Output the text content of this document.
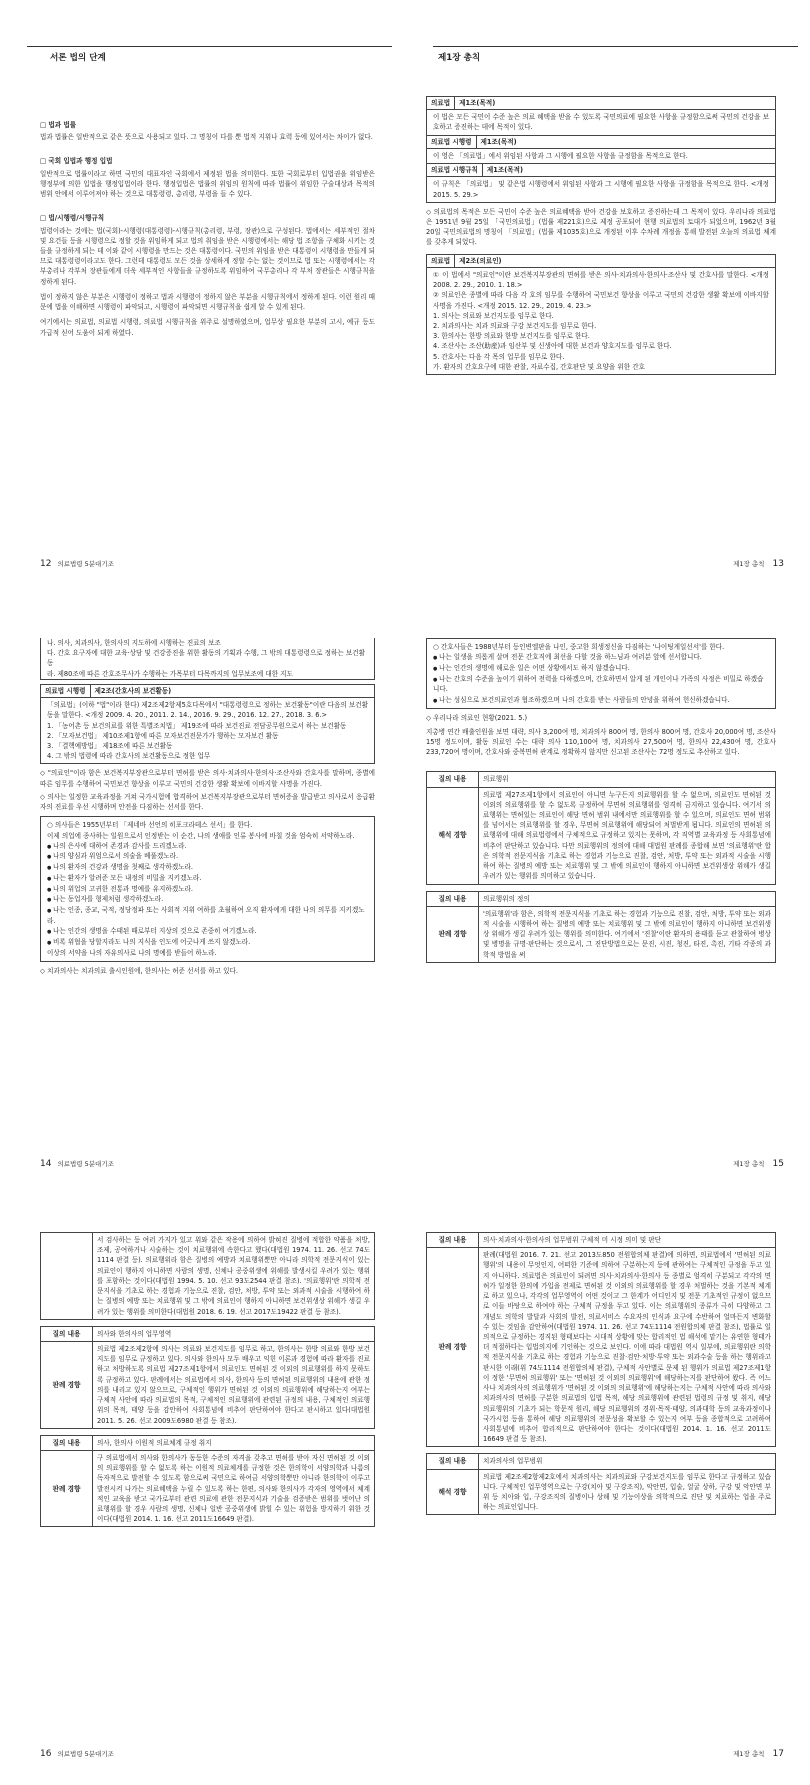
서론 법의 단계
□ 법과 법률
법과 법률은 일반적으로 같은 뜻으로 사용되고 있다. 그 명칭이 다를 뿐 법적 지위나 효력 등에 있어서는 차이가 없다.
□ 국회 입법과 행정 입법
일반적으로 법률이라고 하면 국민의 대표자인 국회에서 제정된 법을 의미한다. 또한 국회로부터 입법권을 위임받은 행정부에 의한 입법을 행정입법이라 한다. 행정입법은 법률의 위임의 원칙에 따라 법률이 위임한 구술대상과 목적의 범위 안에서 이루어져야 하는 것으로 대통령령, 총리령, 부령을 들 수 있다.
□ 법/시행령/시행규칙
법령이라는 것에는 법(국회)-시행령(대통령령)-시행규칙(총리령, 부령, 장관)으로 구성된다. 법에서는 세부적인 절차 및 요건들 등을 시행령으로 정할 것을 위임하게 되고 법의 취임을 받은 시행령에서는 해당 법 조항을 구체화 시키는 것들을 규정하게 되는 데 이와 같이 시행령을 만드는 것은 대통령이다. 국민의 위임을 받은 대통령이 시행령을 만들게 되므로 대통령령이라고도 한다. 그런데 대통령도 모든 것을 상세하게 정할 수는 없는 것이므로 법 또는 시행령에서는 각부총리나 각부처 장관들에게 더욱 세부적인 사항들을 규정하도록 위임하여 국무총리나 각 부처 장관들은 시행규칙을 정하게 된다.
법이 정하지 않은 부분은 시행령이 정하고 법과 시행령이 정하지 않은 부분을 시행규칙에서 정하게 된다. 이런 원리 때문에 법을 이해하면 시행령이 파악되고, 시행령이 파악되면 시행규칙을 쉽게 알 수 있게 된다.
여기에서는 의료법, 의료법 시행령, 의료법 시행규칙을 위주로 설명하였으며, 업무상 필요한 부분의 고시, 예규 등도 가급적 싣어 도움이 되게 하였다.
12 의료법령 5분대기조
제1장 총칙
의료법	제1조(목적)
이 법은 모든 국민이 수준 높은 의료 혜택을 받을 수 있도록 국민의료에 필요한 사항을 규정함으로써 국민의 건강을 보호하고 증진하는 데에 목적이 있다.
의료법 시행령	제1조(목적)
이 영은 「의료법」에서 위임된 사항과 그 시행에 필요한 사항을 규정함을 목적으로 한다.
의료법 시행규칙	제1조(목적)
이 규칙은 「의료법」 및 같은법 시행령에서 위임된 사항과 그 시행에 필요한 사항을 규정함을 목적으로 한다. <개정 2015. 5. 29.>
◇ 의료법의 목적은 모든 국민이 수준 높은 의료혜택을 받아 건강을 보호하고 증진하는데 그 목적이 있다. 우리나라 의료법은 1951년 9월 25일 「국민의료법」(법률 제221호)으로 제정 공포되어 현행 의료법의 토대가 되었으며, 1962년 3월 20일 국민의료법의 명칭이 「의료법」(법률 제1035호)으로 개정된 이후 수차례 개정을 통해 발전된 오늘의 의료법 체계를 갖추게 되었다.
의료법	제2조(의료인)
① 이 법에서 "의료인"이란 보건복지부장관의 면허를 받은 의사·치과의사·한의사·조산사 및 간호사를 말한다. <개정 2008. 2. 29., 2010. 1. 18.>
② 의료인은 종별에 따라 다음 각 호의 임무를 수행하여 국민보건 향상을 이루고 국민의 건강한 생활 확보에 이바지할 사명을 가진다. <개정 2015. 12. 29., 2019. 4. 23.>
1. 의사는 의료와 보건지도를 임무로 한다.
2. 치과의사는 치과 의료와 구강 보건지도를 임무로 한다.
3. 한의사는 한방 의료와 한방 보건지도를 임무로 한다.
4. 조산사는 조산(助産)과 임산부 및 신생아에 대한 보건과 양호지도를 임무로 한다.
5. 간호사는 다음 각 목의 업무를 임무로 한다.
가. 환자의 간호요구에 대한 관찰, 자료수집, 간호판단 및 요양을 위한 간호
제1장 총칙 13
나. 의사, 치과의사, 한의사의 지도하에 시행하는 진료의 보조
다. 간호 요구자에 대한 교육·상담 및 건강증진을 위한 활동의 기획과 수행, 그 밖의 대통령령으로 정하는 보건활동
라. 제80조에 따른 간호조무사가 수행하는 가목부터 다목까지의 업무보조에 대한 지도
의료법 시행령	제2조(간호사의 보건활동)
「의료법」(이하 "법"이라 한다) 제2조제2항제5호다목에서 "대통령령으로 정하는 보건활동"이란 다음의 보건활동을 말한다. <개정 2009. 4. 20., 2011. 2. 14., 2016. 9. 29., 2016. 12. 27., 2018. 3. 6.>
1. 「농어촌 등 보건의료를 위한 특별조치법」 제19조에 따라 보건진료 전담공무원으로서 하는 보건활동
2. 「모자보건법」 제10조제1항에 따른 모자보건전문가가 행하는 모자보건 활동
3. 「결핵예방법」 제18조에 따른 보건활동
4. 그 밖의 법령에 따라 간호사의 보건활동으로 정한 업무
◇ "의료인"이라 함은 보건복지부장관으로부터 면허를 받은 의사·치과의사·한의사·조산사와 간호사를 말하며, 종별에 따른 임무를 수행하여 국민보건 향상을 이루고 국민의 건강한 생활 확보에 이바지할 사명을 가진다.
◇ 의사는 일정한 교육과정을 거쳐 국가시험에 합격하여 보건복지부장관으로부터 면허증을 발급받고 의사로서 응급환자의 진료를 우선 시행하며 안전을 다짐하는 선서를 한다.
○ 의사들은 1955년부터 「제네바 선언의 히포크라테스 선서」를 한다.
이제 의업에 종사하는 일원으로서 인정받는 이 순간, 나의 생애를 인류 봉사에 바칠 것을 엄숙히 서약하노라.
● 나의 은사에 대하여 존경과 감사를 드리겠노라.
● 나의 양심과 위엄으로서 의술을 베풀겠노라.
● 나의 환자의 건강과 생명을 첫째로 생각하겠노라.
● 나는 환자가 알려준 모든 내정의 비밀을 지키겠노라.
● 나의 위업의 고귀한 전통과 명예를 유지하겠노라.
● 나는 동업자를 형제처럼 생각하겠노라.
● 나는 인종, 종교, 국적, 정당정파 또는 사회적 지위 여하를 초월하여 오직 환자에게 대한 나의 의무를 지키겠노라.
● 나는 인간의 생명을 수태된 때로부터 지상의 것으로 존중히 여기겠노라.
● 비록 위협을 당할지라도 나의 지식을 인도에 어긋나게 쓰지 않겠노라.
이상의 서약을 나의 자유의사로 나의 명예를 받들어 하노라.
◇ 치과의사는 치과의료 출시인원에, 한의사는 허준 선서를 하고 있다.
14 의료법령 5분대기조
○ 간호사들은 1988년부터 등인변엘판을 나인, 중고한 희생정신을 다짐하는 '나이팅게일선서'를 한다.
● 나는 일생을 의롭게 살며 전문 간호직에 최선을 다할 것을 하느님과 여러분 앞에 선서합니다.
● 나는 인간의 생명에 해로운 일은 어떤 상황에서도 하지 않겠습니다.
● 나는 간호의 수준을 높이기 위하여 전력을 다하겠으며, 간호하면서 알게 된 개인이나 가족의 사정은 비밀로 하겠습니다.
● 나는 성심으로 보건의료인과 협조하겠으며 나의 간호를 받는 사람들의 안녕을 위하여 헌신하겠습니다.
◇ 우리나라 의료인 현황(2021. 5.)
지총병 연간 배출인원을 보면 대략, 의사 3,200여 명, 치과의사 800여 명, 한의사 800여 명, 간호사 20,000여 명, 조산사 15명 정도이며, 활동 의료인 수는 대략 의사 110,100여 명, 치과의사 27,500여 명, 한의사 22,430여 명, 간호사 233,720여 명이며, 간호사와 중복면허 관계로 정확하지 않지만 신고된 조산사는 72명 정도로 추산하고 있다.
질의 내용	의료행위
해석 경향
의료법 제27조제1항에서 의료인이 아니면 누구든지 의료행위를 할 수 없으며, 의료인도 면허된 것 이외의 의료행위를 할 수 없도록 규정하여 무면허 의료행위를 엄격히 금지하고 있습니다. 여기서 의료행위는 면허있는 의료인이 해당 면허 범위 내에서만 의료행위를 할 수 있으며, 의료인도 면허 범위를 넘어서는 의료행위를 할 경우, 무면허 의료행위에 해당되어 처벌받게 됩니다. 의료인의 면허된 의료행위에 대해 의료법령에서 구체적으로 규정하고 있지는 못하며, 각 직역별 교육과정 등 사회통념에 비추어 판단하고 있습니다. 다만 의료행위의 정의에 대해 대법원 판례를 종합해 보면 '의료행위'란 합은 의학적 전문지식을 기초로 하는 경험과 기능으로 진찰, 검안, 처방, 투약 또는 외과적 시술을 시행하여 하는 질병의 예방 또는 치료행위 및 그 밖에 의료인이 행하지 아니하면 보건위생상 위해가 생길 우려가 있는 행위를 의미하고 있습니다.
질의 내용	의료행위의 정의
판례 경향
'의료행위'라 함은, 의학적 전문지식을 기초로 하는 경험과 기능으로 진찰, 검안, 처방, 투약 또는 외과적 시술을 시행하여 하는 질병의 예방 또는 치료행위 및 그 밖에 의료인이 행하지 아니하면 보건위생상 위해가 생길 우려가 있는 행위를 의미한다. 여기에서 '진찰'이란 환자의 용태를 듣고 관찰하여 병상 및 병명을 규명·판단하는 것으로서, 그 진단방법으로는 문진, 시진, 청진, 타진, 촉진, 기타 각종의 과학적 방법을 써
제1장 총칙 15
서 검사하는 등 여러 가지가 있고 위와 같은 작용에 의하여 밝혀진 질병에 적합한 약품을 처방, 조제, 공여하거나 시술하는 것이 치료행위에 속한다고 했다(대법원 1974. 11. 26. 선고 74도1114 판결 등). 의료행위라 함은 질병의 예방과 치료행위뿐만 아니라 의학적 전문지식이 있는 의료인이 행하지 아니하면 사람의 생명, 신체나 공중위생에 위해를 발생시킬 우려가 있는 행위를 포함하는 것이다(대법원 1994. 5. 10. 선고 93도2544 판결 참조). '의료행위'란 의학적 전문지식을 기초로 하는 경험과 기능으로 진찰, 검안, 처방, 투약 또는 외과적 시술을 시행하여 하는 질병의 예방 또는 치료행위 및 그 밖에 의료인이 행하지 아니하면 보건위생상 위해가 생길 우려가 있는 행위를 의미한다(대법원 2018. 6. 19. 선고 2017도19422 판결 등 참조).
질의 내용	의사와 한의사의 업무영역
판례 경향
의료법 제2조제2항에 의사는 의료와 보건지도를 임무로 하고, 한의사는 한방 의료와 한방 보건지도를 임무로 규정하고 있다. 의사와 한의사 모두 배우고 익힌 이론과 경험에 따라 환자를 진료하고 처방하도록 의료법 제27조제1항에서 의료인도 면허된 것 이외의 의료행위를 하지 못하도록 규정하고 있다. 판례에서는 의료법에서 의사, 한의사 등의 면허된 의료행위의 내용에 관한 정의를 내리고 있지 않으므로, 구체적인 행위가 면허된 것 이외의 의료행위에 해당하는지 여부는 구체적 사안에 따라 의료법의 목적, 구체적인 의료행위에 관련된 규정의 내용, 구체적인 의료행위의 목적, 태양 등을 감안하여 사회통념에 비추어 판단하여야 한다고 판시하고 있다(대법원 2011. 5. 26. 선고 2009도6980 판결 등 참조).
질의 내용	의사, 한의사 이원적 의료체계 규정 취지
판례 경향
구 의료법에서 의사와 한의사가 동등한 수준의 자격을 갖추고 면허를 받아 자신 면허된 것 이외의 의료행위를 할 수 없도록 하는 이원적 의료체계를 규정한 것은 한의학이 서양의학과 나름의 독자적으로 발전할 수 있도록 함으로써 국민으로 하여금 서양의학뿐만 아니라 한의학이 이루고 발전시켜 나가는 의료혜택을 누릴 수 있도록 하는 한편, 의사와 한의사가 각자의 영역에서 체계적인 교육을 받고 국가로부터 관련 의료에 관한 전문지식과 기술을 검증받은 범위를 벗어난 의료행위를 할 경우 사람의 생명, 신체나 일반 공중위생에 밝힐 수 있는 위험을 방지하기 위한 것이다(대법원 2014. 1. 16. 선고 2011도16649 판결).
16 의료법령 5분대기조
질의 내용	의사·치과의사·한의사의 업무범위 구체적 미 시정 의미 및 판단
판례 경향
판례(대법원 2016. 7. 21. 선고 2013도850 전원합의체 판결)에 의하면, 의료법에서 '면허된 의료행위'의 내용이 무엇인지, 어떠한 기준에 의하여 구분하는지 등에 관하여는 구체적인 규정을 두고 있지 아니하다. 의료법은 의료인이 되려면 의사·치과의사·한의사 등 종별로 엄격히 구분되고 각각의 면허가 일정한 한의에 가입을 전제로 면허된 것 이외의 의료행위를 할 경우 처벌하는 것을 기본적 체계로 하고 있으나, 각각의 업무영역이 어떤 것이고 그 한계가 어디인지 및 전문 기초적인 규정이 없으므로 이들 바탕으로 하여야 하는 구체적 규정을 두고 있다. 이는 의료행위의 종류가 극히 다양하고 그 개념도 의학의 발달과 사회의 발전, 의료서비스 수요자의 인식과 요구에 수반하여 얼마든지 변화할 수 있는 것임을 감안하여(대법원 1974. 11. 26. 선고 74도1114 전원합의체 판결 참조), 법률로 일의적으로 규정하는 경직된 형태보다는 시대적 상황에 맞는 합리적인 법 해석에 맡기는 유연한 형태가 더 적절하다는 입법의지에 기인하는 것으로 보인다. 이에 따라 대법원 역시 일부에, 의료행위란 의학적 전문지식을 기초로 하는 경험과 기능으로 진찰·검안·처방·투약 또는 외과수술 등을 하는 행위라고 판시한 이래(위 74도1114 전원합의체 판결), 구체적 사안별로 문제 된 행위가 의료법 제27조제1항이 정한 '무면허 의료행위' 또는 '면허된 것 이외의 의료행위'에 해당하는지를 판단하여 왔다. 즉 어느 사나 치과의사의 의료행위가 '면허된 것 이외의 의료행위'에 해당하는지는 구체적 사안에 따라 의사와 치과의사의 면허를 구분한 의료법의 입법 목적, 해당 의료행위에 관련된 법령의 규정 및 취지, 해당 의료행위의 기초가 되는 학문적 원리, 해당 의료행위의 경위·목적·태양, 의과대학 등의 교육과정이나 국가시험 등을 통하여 해당 의료행위의 전문성을 확보할 수 있는지 여부 등을 종합적으로 고려하여 사회통념에 비추어 합리적으로 판단하여야 한다는 것이다(대법원 2014. 1. 16. 선고 2011도16649 판결 등 참조).
질의 내용	치과의사의 업무범위
해석 경향
의료법 제2조제2항제2호에서 치과의사는 치과의료와 구강보건지도를 임무로 한다고 규정하고 있습니다. 구체적인 업무영역으로는 구강(치아 및 구강조직), 악안면, 입술, 얼굴 상하, 구강 및 악안면 부위 등 치아와 입, 구강조직의 질병이나 상해 및 기능이상을 의학적으로 진단 및 치료하는 업을 주로 하는 의료인입니다.
제1장 총칙 17
